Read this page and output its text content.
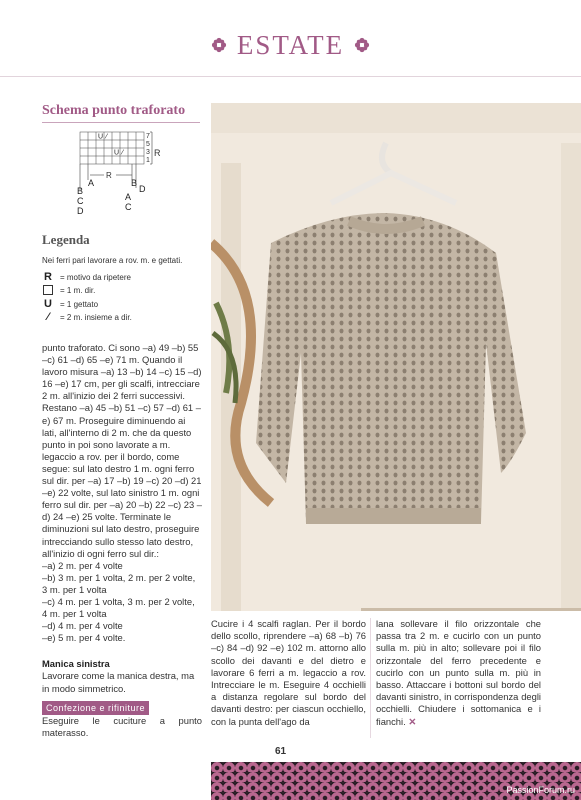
ESTATE
Schema punto traforato
U ⁄
U ⁄
7
5
3
1
R
R
A
B
C
D
B
D
A
C
Legenda
Nei ferri pari lavorare a rov. m. e gettati.
R = motivo da ripetere
= 1 m. dir.
U = 1 gettato
⁄	= 2 m. insieme a dir.

punto traforato. Ci sono –a) 49 –b) 55 –c) 61 –d) 65 –e) 71 m. Quando il lavoro misura –a) 13 –b) 14 –c) 15 –d) 16 –e) 17 cm, per gli scalfi, intrecciare 2 m. all'inizio dei 2 ferri successivi. Restano –a) 45 –b) 51 –c) 57 –d) 61 –e) 67 m. Proseguire diminuendo ai lati, all'interno di 2 m. che da questo punto in poi sono lavorate a m. legaccio a rov. per il bordo, come segue: sul lato destro 1 m. ogni ferro sul dir. per –a) 17 –b) 19 –c) 20 –d) 21 –e) 22 volte, sul lato sinistro 1 m. ogni ferro sul dir. per –a) 20 –b) 22 –c) 23 –d) 24 –e) 25 volte. Terminate le diminuzioni sul lato destro, proseguire intrecciando sullo stesso lato destro, all'inizio di ogni ferro sul dir.:

–a) 2 m. per 4 volte

–b) 3 m. per 1 volta, 2 m. per 2 volte, 3 m. per 1 volta

–c) 4 m. per 1 volta, 3 m. per 2 volte, 4 m. per 1 volta

–d) 4 m. per 4 volte

–e) 5 m. per 4 volte.

Manica sinistra

Lavorare come la manica destra, ma in modo simmetrico.

Confezione e rifiniture

Eseguire le cuciture a punto materasso.

Cucire i 4 scalfi raglan. Per il bordo dello scollo, riprendere –a) 68 –b) 76 –c) 84 –d) 92 –e) 102 m. attorno allo scollo dei davanti e del dietro e lavorare 6 ferri a m. legaccio a rov. Intrecciare le m. Eseguire 4 occhielli a distanza regolare sul bordo del davanti destro: per ciascun occhiello, con la punta dell'ago da

lana sollevare il filo orizzontale che passa tra 2 m. e cucirlo con un punto sulla m. più in alto; sollevare poi il filo orizzontale del ferro precedente e cucirlo con un punto sulla m. più in basso. Attaccare i bottoni sul bordo del davanti sinistro, in corrispondenza degli occhielli. Chiudere i sottomanica e i fianchi. ✕

61
PassionForum.ru
